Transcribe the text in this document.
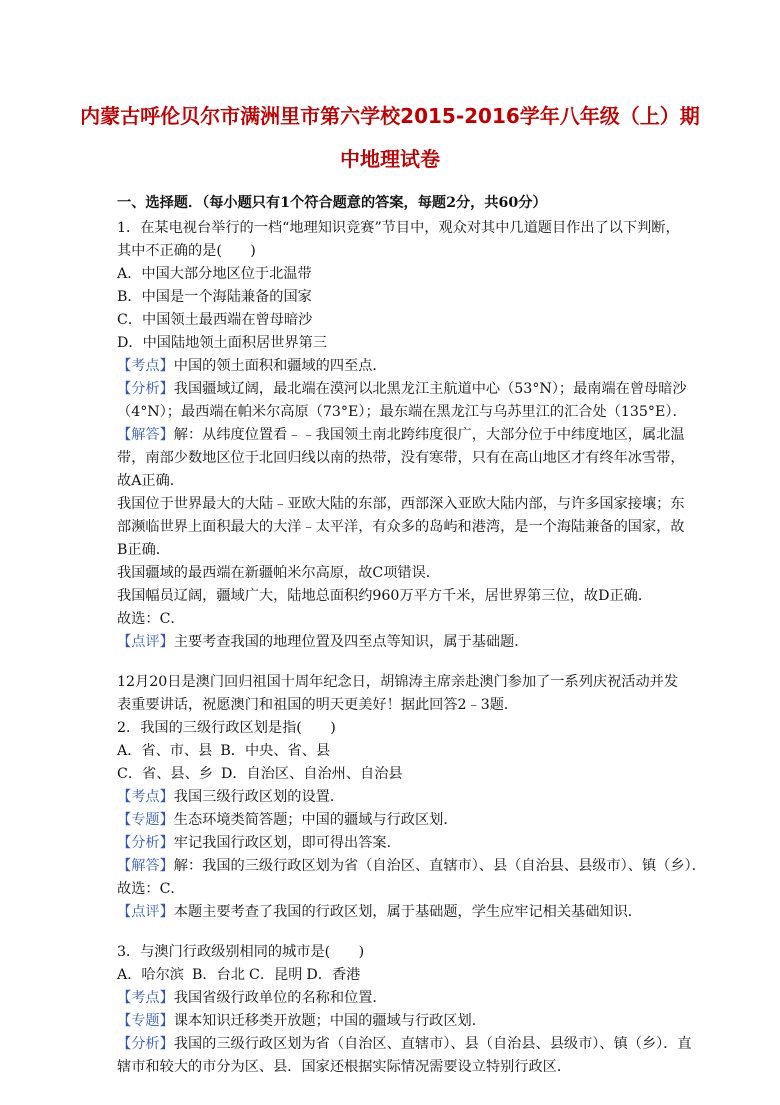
内蒙古呼伦贝尔市满洲里市第六学校2015-2016学年八年级（上）期
中地理试卷
一、选择题．（每小题只有1个符合题意的答案，每题2分，共60分）
1．在某电视台举行的一档“地理知识竞赛”节目中，观众对其中几道题目作出了以下判断，
其中不正确的是(　　)
A．中国大部分地区位于北温带
B．中国是一个海陆兼备的国家
C．中国领土最西端在曾母暗沙
D．中国陆地领土面积居世界第三
【考点】中国的领土面积和疆域的四至点．
【分析】我国疆域辽阔，最北端在漠河以北黑龙江主航道中心（53°N）；最南端在曾母暗沙
（4°N）；最西端在帕米尔高原（73°E）；最东端在黑龙江与乌苏里江的汇合处（135°E）．
【解答】解：从纬度位置看﹣﹣我国领土南北跨纬度很广，大部分位于中纬度地区，属北温
带，南部少数地区位于北回归线以南的热带，没有寒带，只有在高山地区才有终年冰雪带，
故A正确．
我国位于世界最大的大陆﹣亚欧大陆的东部，西部深入亚欧大陆内部，与许多国家接壤；东
部濒临世界上面积最大的大洋﹣太平洋，有众多的岛屿和港湾，是一个海陆兼备的国家，故
B正确．
我国疆域的最西端在新疆帕米尔高原，故C项错误．
我国幅员辽阔，疆域广大，陆地总面积约960万平方千米，居世界第三位，故D正确．
故选：C．
【点评】主要考查我国的地理位置及四至点等知识，属于基础题．
12月20日是澳门回归祖国十周年纪念日，胡锦涛主席亲赴澳门参加了一系列庆祝活动并发
表重要讲话，祝愿澳门和祖国的明天更美好！据此回答2﹣3题．
2．我国的三级行政区划是指(　　)
A．省、市、县 B．中央、省、县
C．省、县、乡 D．自治区、自治州、自治县
【考点】我国三级行政区划的设置．
【专题】生态环境类简答题；中国的疆域与行政区划．
【分析】牢记我国行政区划，即可得出答案．
【解答】解：我国的三级行政区划为省（自治区、直辖市）、县（自治县、县级市）、镇（乡）．
故选：C．
【点评】本题主要考查了我国的行政区划，属于基础题，学生应牢记相关基础知识．
3．与澳门行政级别相同的城市是(　　)
A．哈尔滨 B．台北 C．昆明 D．香港
【考点】我国省级行政单位的名称和位置．
【专题】课本知识迁移类开放题；中国的疆域与行政区划．
【分析】我国的三级行政区划为省（自治区、直辖市）、县（自治县、县级市）、镇（乡）．直
辖市和较大的市分为区、县．国家还根据实际情况需要设立特别行政区．
